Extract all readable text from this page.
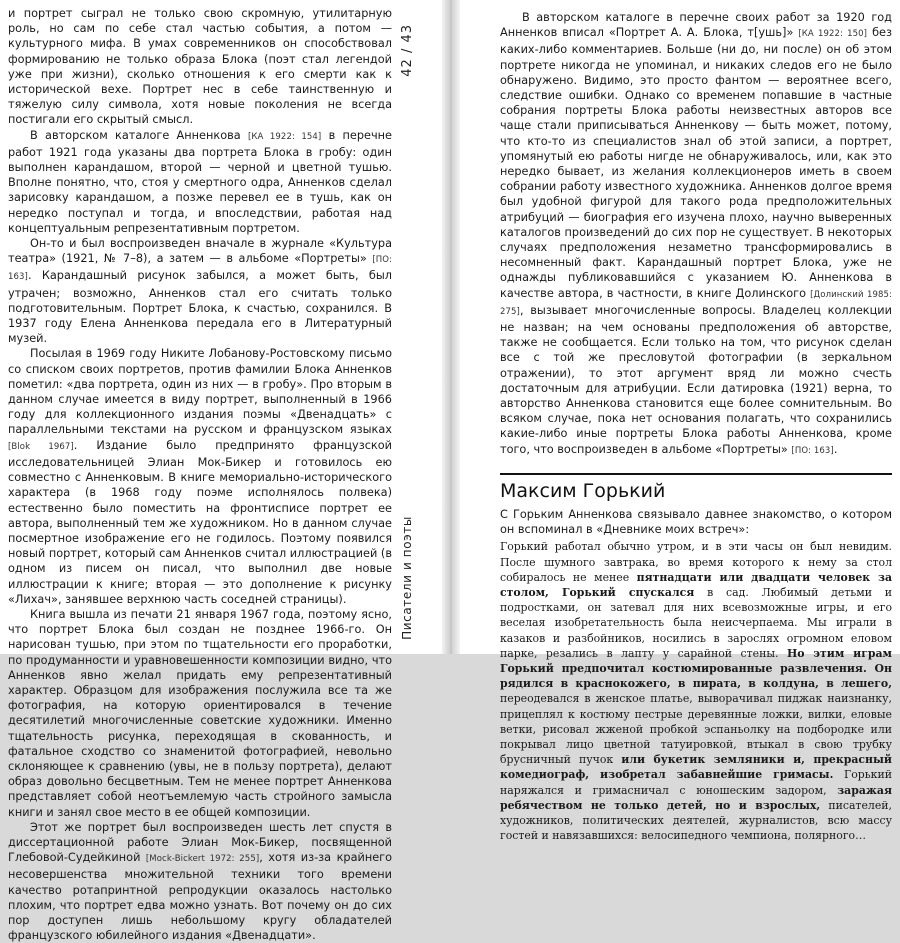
и портрет сыграл не только свою скромную, утилитарную роль, но сам по себе стал частью события, а потом — культурного мифа. В умах современников он способствовал формированию не только образа Блока (поэт стал легендой уже при жизни), сколько отношения к его смерти как к исторической вехе. Портрет нес в себе таинственную и тяжелую силу символа, хотя новые поколения не всегда постигали его скрытый смысл.

В авторском каталоге Анненкова [КА 1922: 154] в перечне работ 1921 года указаны два портрета Блока в гробу: один выполнен карандашом, второй — черной и цветной тушью. Вполне понятно, что, стоя у смертного одра, Анненков сделал зарисовку карандашом, а позже перевел ее в тушь, как он нередко поступал и тогда, и впоследствии, работая над концептуальным репрезентативным портретом.

Он-то и был воспроизведен вначале в журнале «Культура театра» (1921, № 7–8), а затем — в альбоме «Портреты» [ПО: 163]. Карандашный рисунок забылся, а может быть, был утрачен; возможно, Анненков стал его считать только подготовительным. Портрет Блока, к счастью, сохранился. В 1937 году Елена Анненкова передала его в Литературный музей.

Посылая в 1969 году Никите Лобанову-Ростовскому письмо со списком своих портретов, против фамилии Блока Анненков пометил: «два портрета, один из них — в гробу». Про вторым в данном случае имеется в виду портрет, выполненный в 1966 году для коллекционного издания поэмы «Двенадцать» с параллельными текстами на русском и французском языках [Blok 1967]. Издание было предпринято французской исследовательницей Элиан Мок-Бикер и готовилось ею совместно с Анненковым. В книге мемориально-исторического характера (в 1968 году поэме исполнялось полвека) естественно было поместить на фронтисписе портрет ее автора, выполненный тем же художником. Но в данном случае посмертное изображение его не годилось. Поэтому появился новый портрет, который сам Анненков считал иллюстрацией (в одном из писем он писал, что выполнил две новые иллюстрации к книге; вторая — это дополнение к рисунку «Лихач», занявшее верхнюю часть соседней страницы).

Книга вышла из печати 21 января 1967 года, поэтому ясно, что портрет Блока был создан не позднее 1966-го. Он нарисован тушью, при этом по тщательности его проработки, по продуманности и уравновешенности композиции видно, что Анненков явно желал придать ему репрезентативный характер. Образцом для изображения послужила все та же фотография, на которую ориентировался в течение десятилетий многочисленные советские художники. Именно тщательность рисунка, переходящая в скованность, и фатальное сходство со знаменитой фотографией, невольно склоняющее к сравнению (увы, не в пользу портрета), делают образ довольно бесцветным. Тем не менее портрет Анненкова представляет собой неотъемлемую часть стройного замысла книги и занял свое место в ее общей композиции.

Этот же портрет был воспроизведен шесть лет спустя в диссертационной работе Элиан Мок-Бикер, посвященной Глебовой-Судейкиной [Mock-Bickert 1972: 255], хотя из-за крайнего несовершенства множительной техники того времени качество ротапринтной репродукции оказалось настолько плохим, что портрет едва можно узнать. Вот почему он до сих пор доступен лишь небольшому кругу обладателей французского юбилейного издания «Двенадцати».

42 / 43
Писатели и поэты

В авторском каталоге в перечне своих работ за 1920 год Анненков вписал «Портрет А. А. Блока, т[ушь]» [КА 1922: 150] без каких-либо комментариев. Больше (ни до, ни после) он об этом портрете никогда не упоминал, и никаких следов его не было обнаружено. Видимо, это просто фантом — вероятнее всего, следствие ошибки. Однако со временем попавшие в частные собрания портреты Блока работы неизвестных авторов все чаще стали приписываться Анненкову — быть может, потому, что кто-то из специалистов знал об этой записи, а портрет, упомянутый ею работы нигде не обнаруживалось, или, как это нередко бывает, из желания коллекционеров иметь в своем собрании работу известного художника. Анненков долгое время был удобной фигурой для такого рода предположительных атрибуций — биография его изучена плохо, научно выверенных каталогов произведений до сих пор не существует. В некоторых случаях предположения незаметно трансформировались в несомненный факт. Карандашный портрет Блока, уже не однажды публиковавшийся с указанием Ю. Анненкова в качестве автора, в частности, в книге Долинского [Долинский 1985: 275], вызывает многочисленные вопросы. Владелец коллекции не назван; на чем основаны предположения об авторстве, также не сообщается. Если только на том, что рисунок сделан все с той же пресловутой фотографии (в зеркальном отражении), то этот аргумент вряд ли можно счесть достаточным для атрибуции. Если датировка (1921) верна, то авторство Анненкова становится еще более сомнительным. Во всяком случае, пока нет основания полагать, что сохранились какие-либо иные портреты Блока работы Анненкова, кроме того, что воспроизведен в альбоме «Портреты» [ПО: 163].

Максим Горький

С Горьким Анненкова связывало давнее знакомство, о котором он вспоминал в «Дневнике моих встреч»:

Горький работал обычно утром, и в эти часы он был невидим. После шумного завтрака, во время которого к нему за стол собиралось не менее пятнадцати или двадцати человек за столом, Горький спускался в сад. Любимый детьми и подростками, он затевал для них всевозможные игры, и его веселая изобретательность была неисчерпаема. Мы играли в казаков и разбойников, носились в зарослях огромном еловом парке, резались в лапту у сарайной стены. Но этим играм Горький предпочитал костюмированные развлечения. Он рядился в краснокожего, в пирата, в колдуна, в лешего, переодевался в женское платье, выворачивал пиджак наизнанку, прицеплял к костюму пестрые деревянные ложки, вилки, еловые ветки, рисовал жженой пробкой эспаньолку на подбородке или покрывал лицо цветной татуировкой, втыкал в свою трубку брусничный пучок или букетик земляники и, прекрасный комедиограф, изобретал забавнейшие гримасы. Горький наряжался и гримасничал с юношеским задором, заражая ребячеством не только детей, но и взрослых, писателей, художников, политических деятелей, журналистов, всю массу гостей и навязавшихся: велосипедного чемпиона, полярного…
